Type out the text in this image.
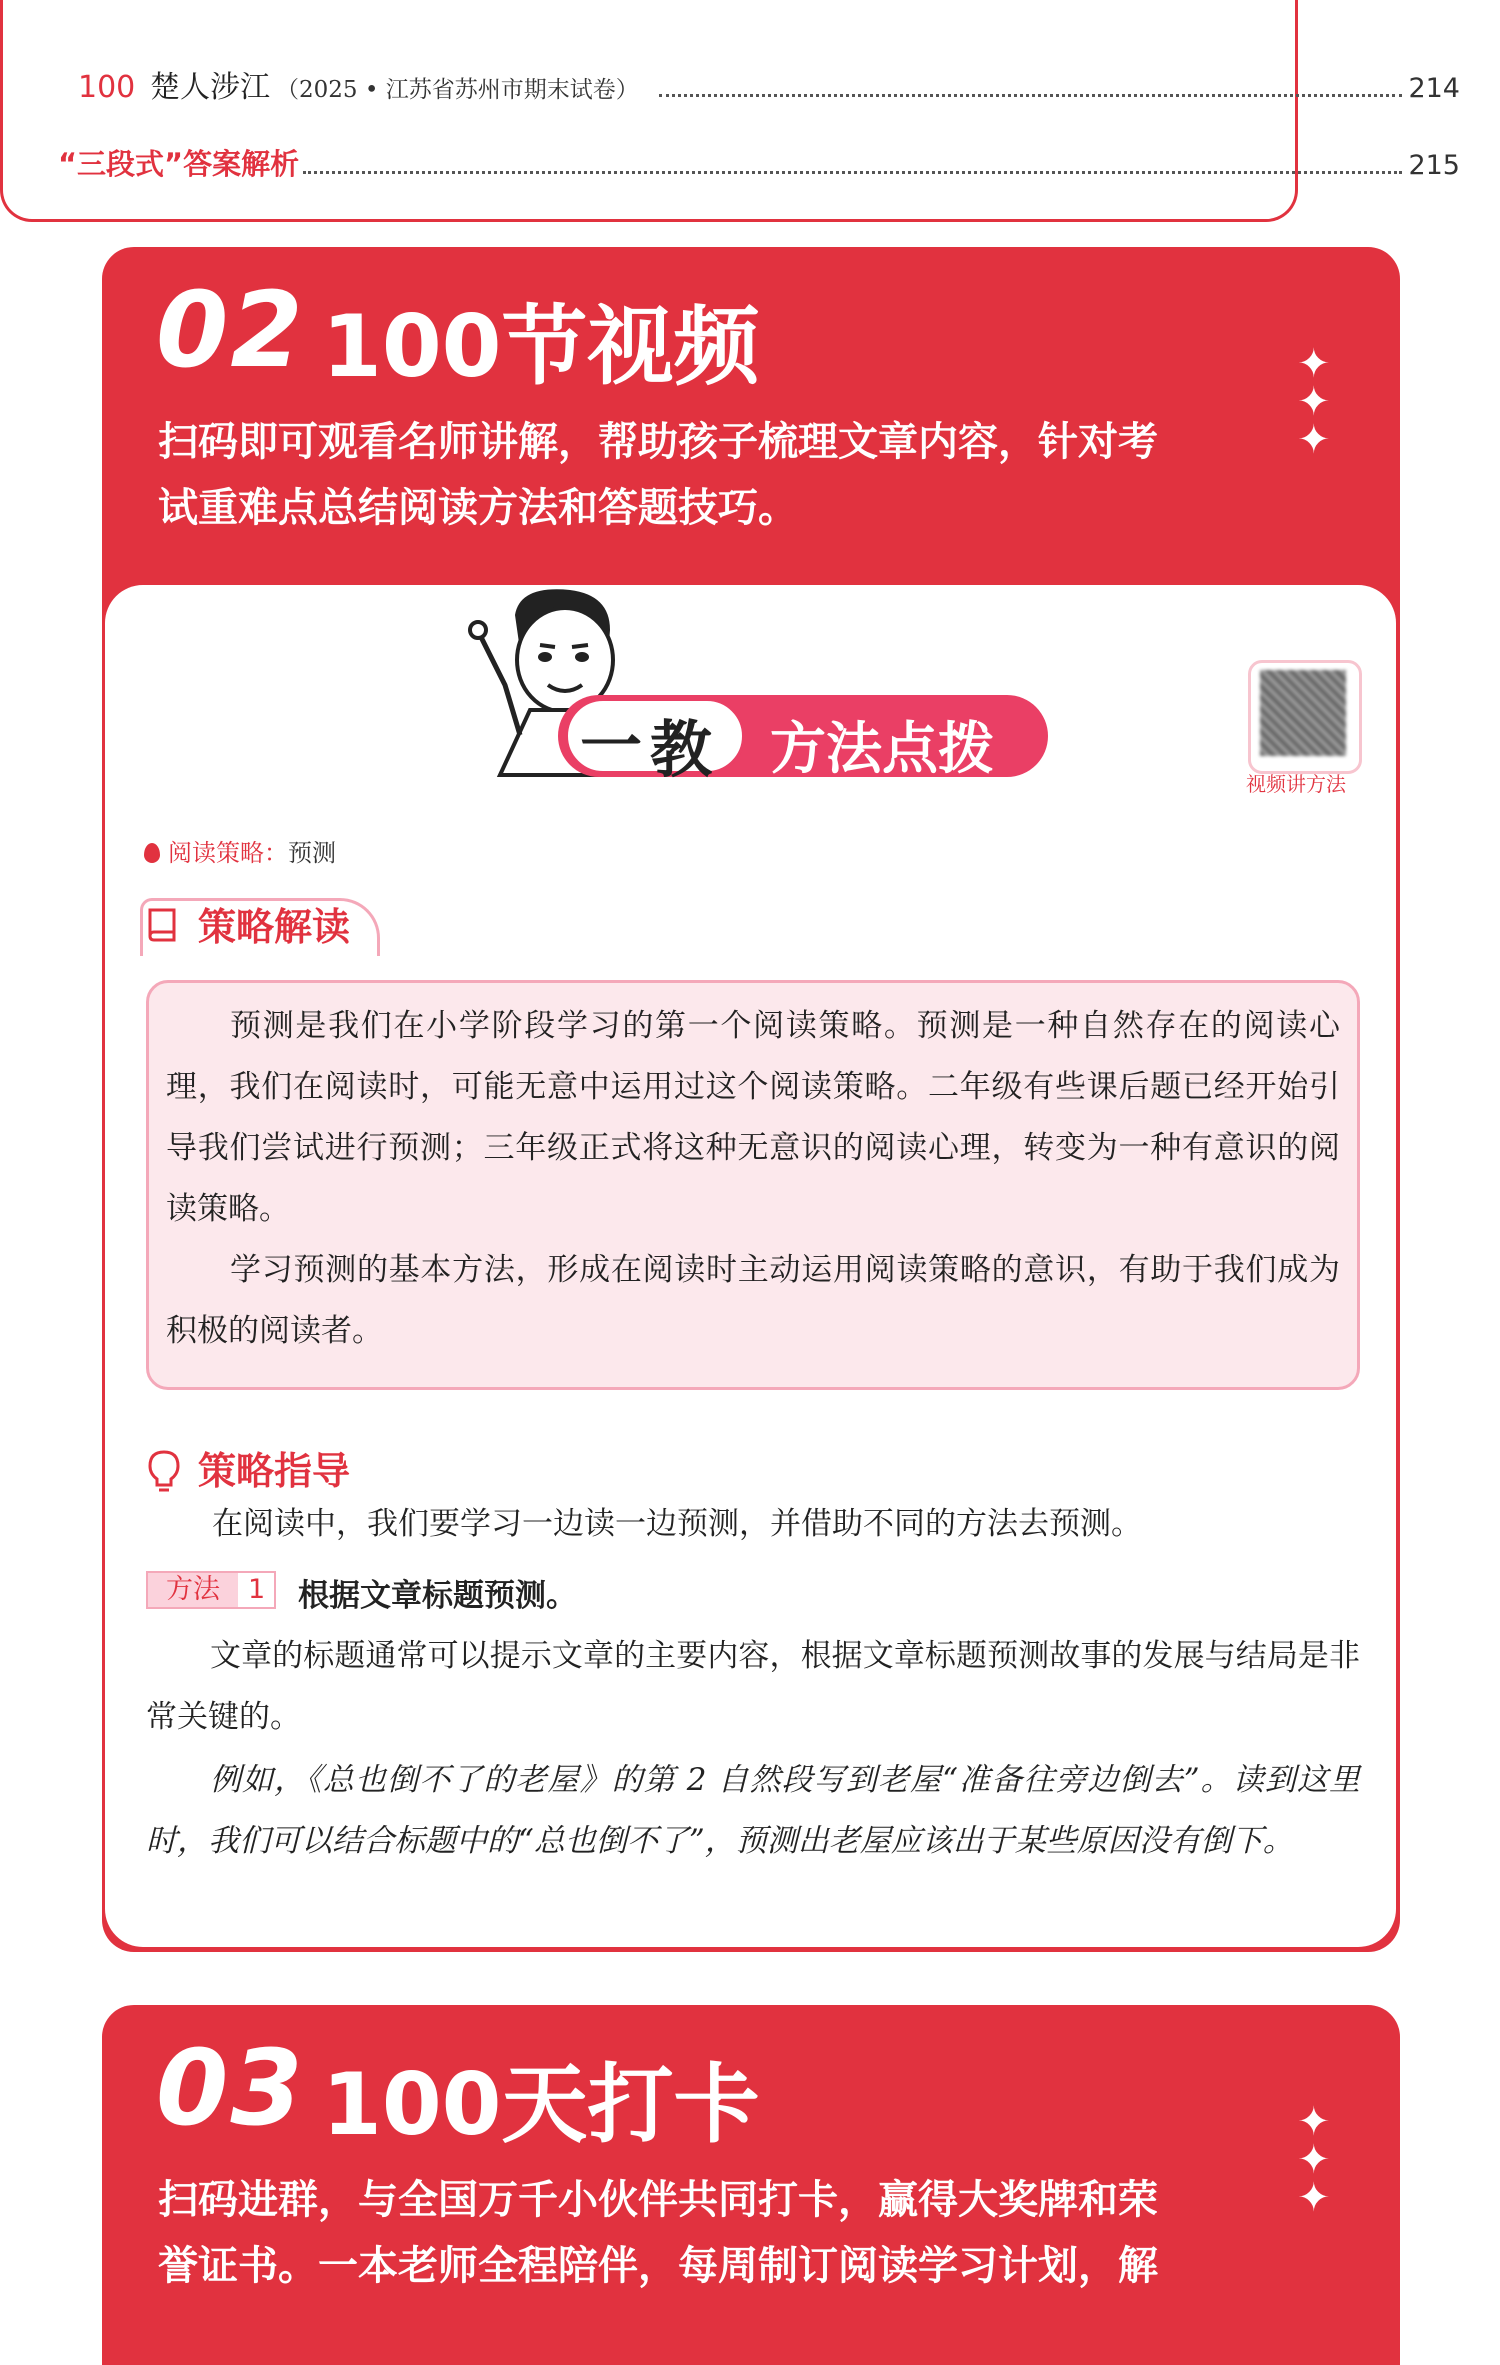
100 楚人涉江 （2025 • 江苏省苏州市期末试卷）	214
“三段式”答案解析	215
02 100节视频
扫码即可观看名师讲解，帮助孩子梳理文章内容，针对考
试重难点总结阅读方法和答题技巧。
✦
✦
✦
一 教 方法点拨
视频讲方法
阅读策略：预测
策略解读
预测是我们在小学阶段学习的第一个阅读策略。预测是一种自然存在的阅读心理，我们在阅读时，可能无意中运用过这个阅读策略。二年级有些课后题已经开始引导我们尝试进行预测；三年级正式将这种无意识的阅读心理，转变为一种有意识的阅读策略。
学习预测的基本方法，形成在阅读时主动运用阅读策略的意识，有助于我们成为积极的阅读者。
策略指导
在阅读中，我们要学习一边读一边预测，并借助不同的方法去预测。
方法	1 根据文章标题预测。
文章的标题通常可以提示文章的主要内容，根据文章标题预测故事的发展与结局是非常关键的。
例如，《总也倒不了的老屋》的第 2 自然段写到老屋“准备往旁边倒去”。读到这里时，我们可以结合标题中的“总也倒不了”，预测出老屋应该出于某些原因没有倒下。
03 100天打卡
扫码进群，与全国万千小伙伴共同打卡，赢得大奖牌和荣
誉证书。一本老师全程陪伴，每周制订阅读学习计划，解
✦
✦
✦
